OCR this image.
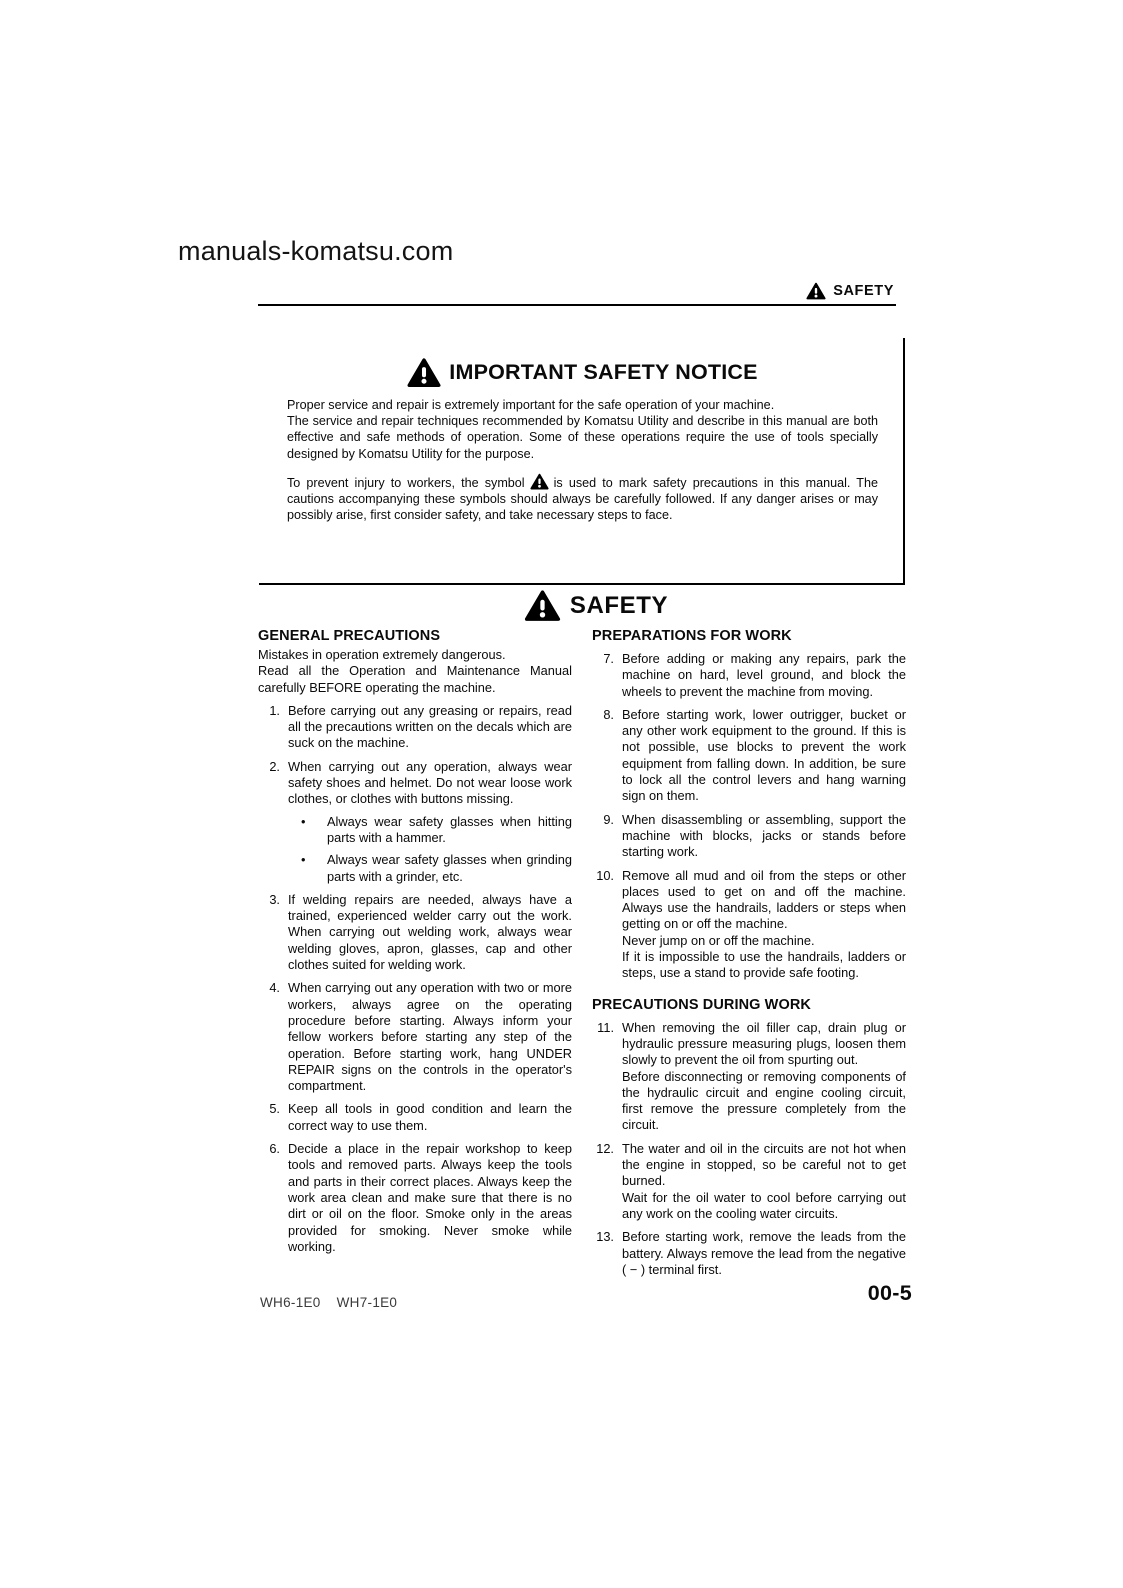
manuals-komatsu.com
SAFETY
IMPORTANT SAFETY NOTICE

Proper service and repair is extremely important for the safe operation of your machine.

The service and repair techniques recommended by Komatsu Utility and describe in this manual are both effective and safe methods of operation. Some of these operations require the use of tools specially designed by Komatsu Utility for the purpose.

To prevent injury to workers, the symbol is used to mark safety precautions in this manual. The cautions accompanying these symbols should always be carefully followed. If any danger arises or may possibly arise, first consider safety, and take necessary steps to face.

SAFETY
GENERAL PRECAUTIONS

Mistakes in operation extremely dangerous.

Read all the Operation and Maintenance Manual carefully BEFORE operating the machine.

1. Before carrying out any greasing or repairs, read all the precautions written on the decals which are suck on the machine.

2. When carrying out any operation, always wear safety shoes and helmet. Do not wear loose work clothes, or clothes with buttons missing.

•	Always wear safety glasses when hitting parts with a hammer.

•	Always wear safety glasses when grinding parts with a grinder, etc.

3. If welding repairs are needed, always have a trained, experienced welder carry out the work. When carrying out welding work, always wear welding gloves, apron, glasses, cap and other clothes suited for welding work.

4. When carrying out any operation with two or more workers, always agree on the operating procedure before starting. Always inform your fellow workers before starting any step of the operation. Before starting work, hang UNDER REPAIR signs on the controls in the operator's compartment.

5. Keep all tools in good condition and learn the correct way to use them.

6. Decide a place in the repair workshop to keep tools and removed parts. Always keep the tools and parts in their correct places. Always keep the work area clean and make sure that there is no dirt or oil on the floor. Smoke only in the areas provided for smoking. Never smoke while working.

PREPARATIONS FOR WORK
7. Before adding or making any repairs, park the machine on hard, level ground, and block the wheels to prevent the machine from moving.

8. Before starting work, lower outrigger, bucket or any other work equipment to the ground. If this is not possible, use blocks to prevent the work equipment from falling down. In addition, be sure to lock all the control levers and hang warning sign on them.

9. When disassembling or assembling, support the machine with blocks, jacks or stands before starting work.

10. Remove all mud and oil from the steps or other places used to get on and off the machine. Always use the handrails, ladders or steps when getting on or off the machine.

Never jump on or off the machine.

If it is impossible to use the handrails, ladders or steps, use a stand to provide safe footing.

PRECAUTIONS DURING WORK
11. When removing the oil filler cap, drain plug or hydraulic pressure measuring plugs, loosen them slowly to prevent the oil from spurting out.

Before disconnecting or removing components of the hydraulic circuit and engine cooling circuit, first remove the pressure completely from the circuit.

12. The water and oil in the circuits are not hot when the engine in stopped, so be careful not to get burned.

Wait for the oil water to cool before carrying out any work on the cooling water circuits.

13. Before starting work, remove the leads from the battery. Always remove the lead from the negative ( − ) terminal first.

WH6-1E0 WH7-1E0	00-5
